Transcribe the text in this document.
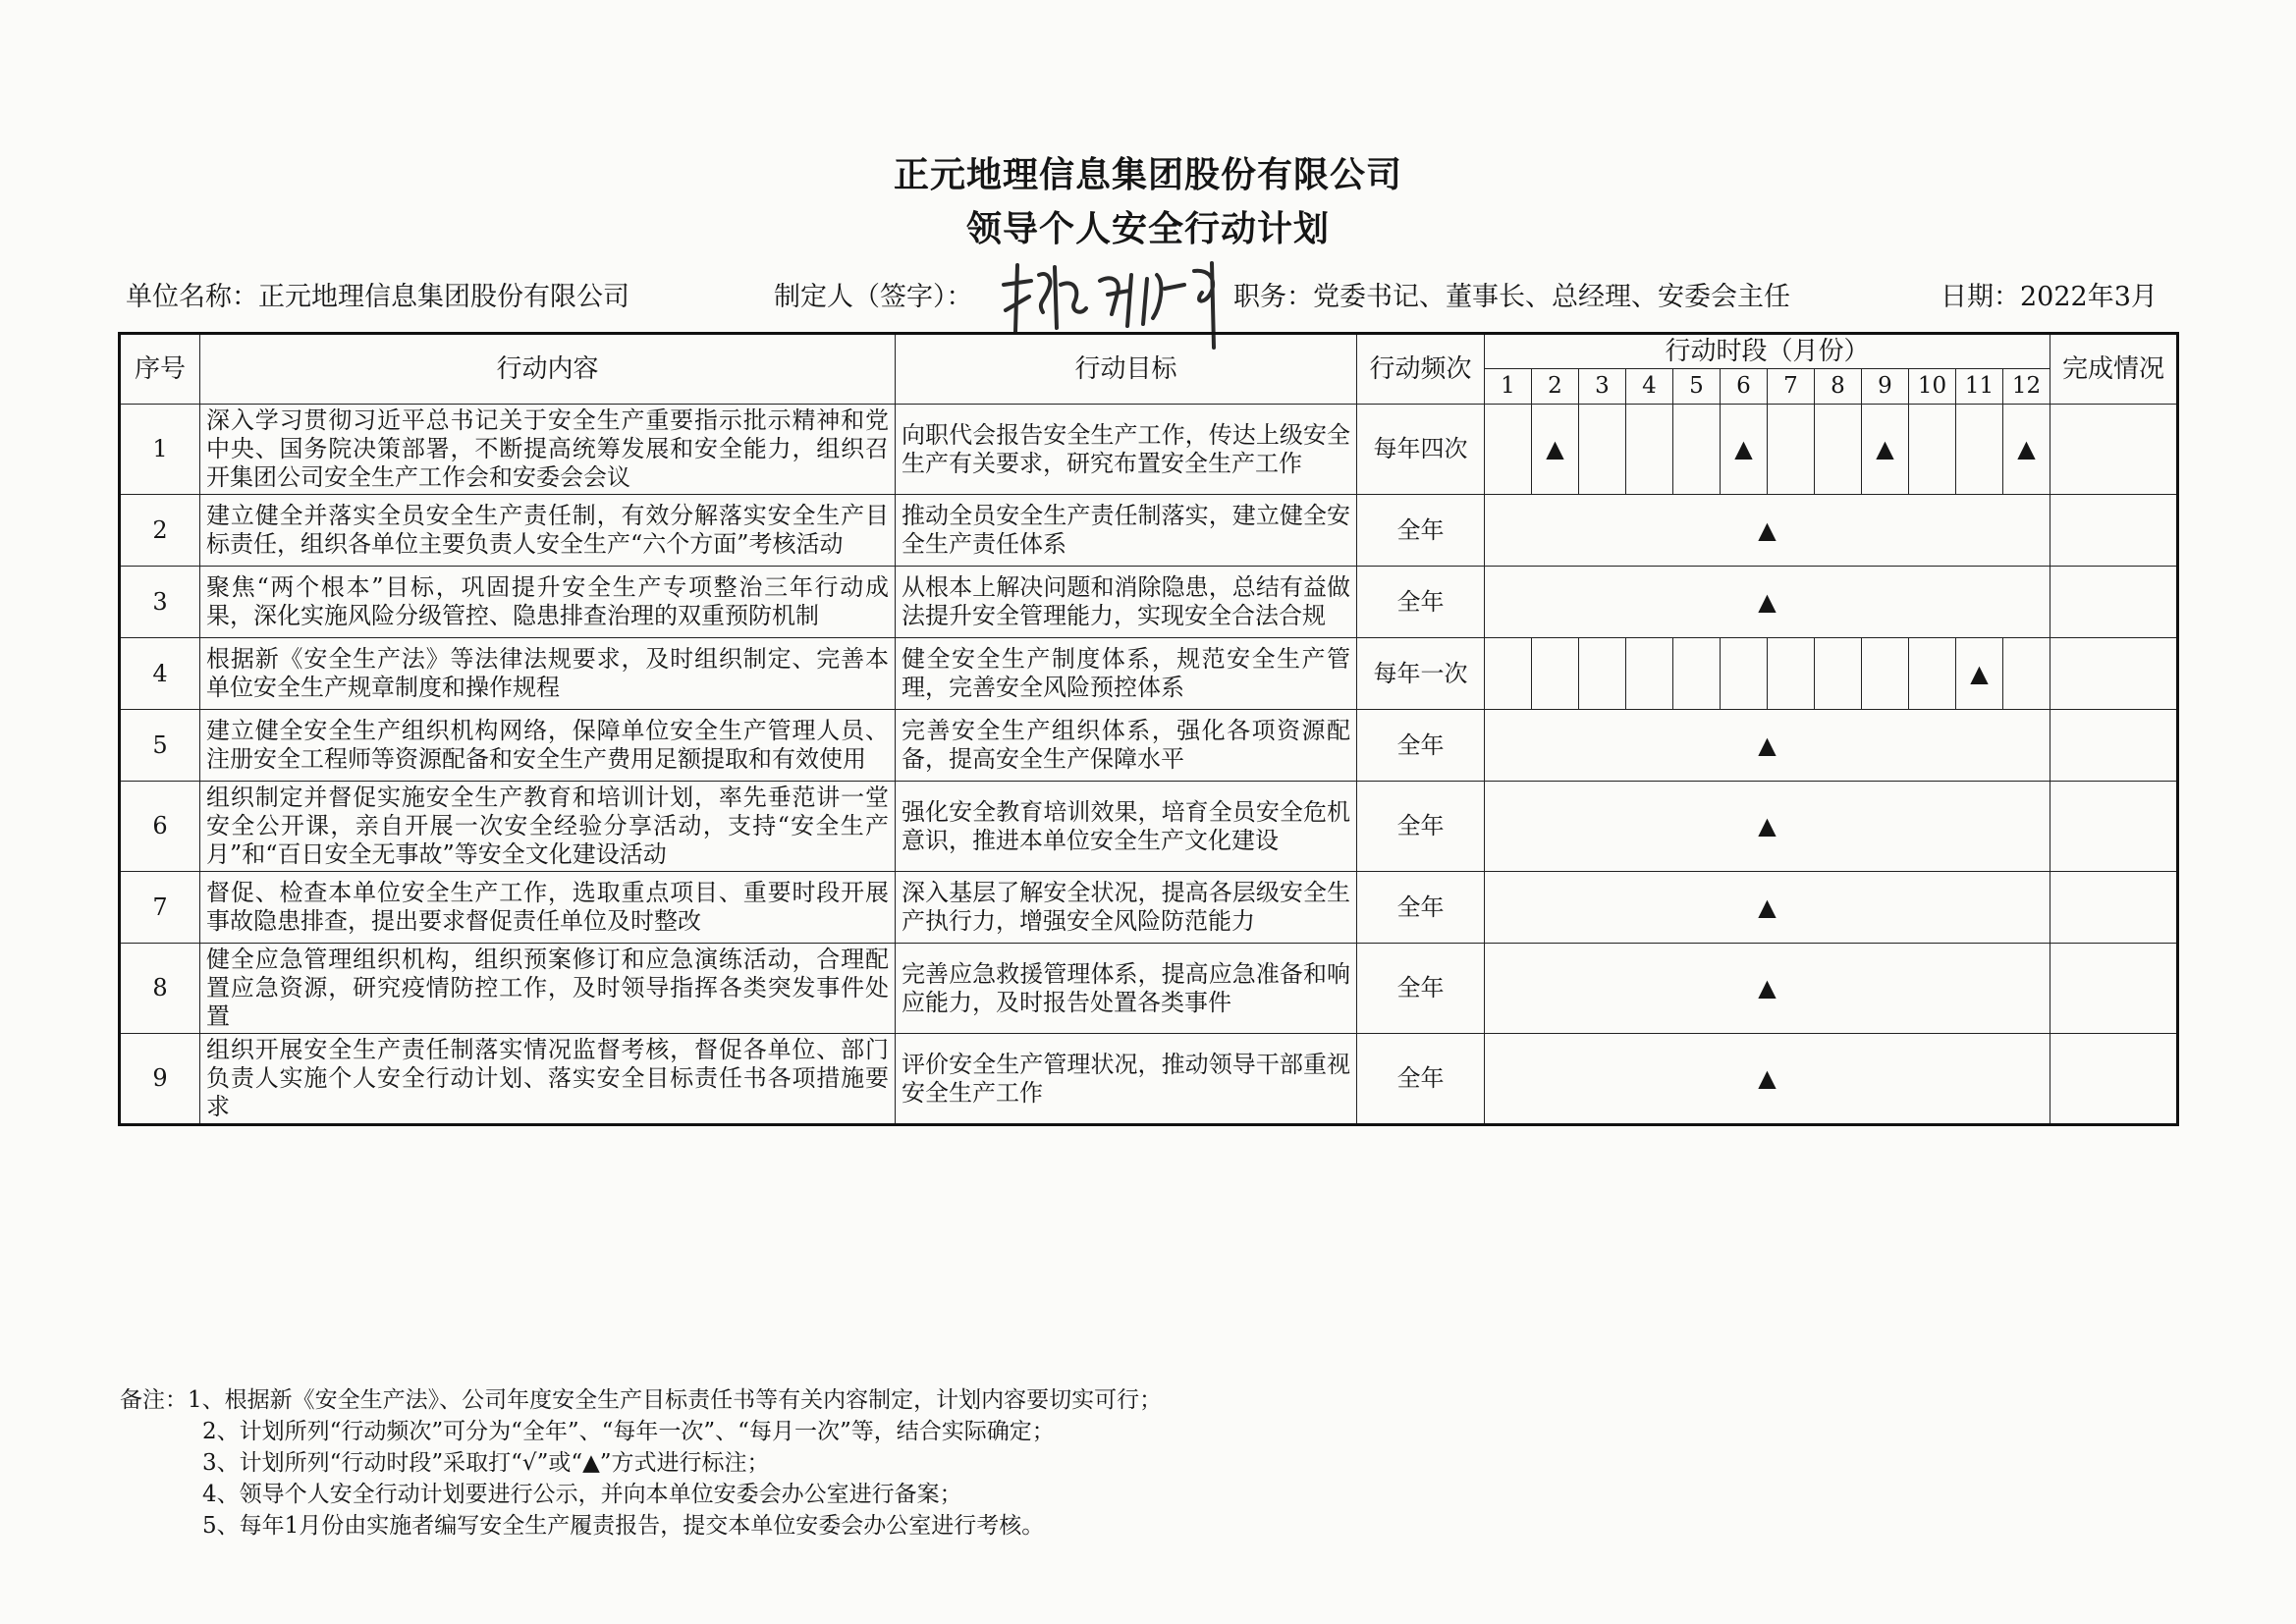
正元地理信息集团股份有限公司
领导个人安全行动计划
单位名称：正元地理信息集团股份有限公司	制定人（签字）：	职务：党委书记、董事长、总经理、安委会主任	日期：2022年3月
序号	行动内容	行动目标	行动频次	行动时段（月份）												完成情况
				1	2	3	4	5	6	7	8	9	10	11	12	
1	深入学习贯彻习近平总书记关于安全生产重要指示批示精神和党中央、国务院决策部署，不断提高统筹发展和安全能力，组织召开集团公司安全生产工作会和安委会会议	向职代会报告安全生产工作，传达上级安全生产有关要求，研究布置安全生产工作	每年四次		▲				▲			▲			▲	
2	建立健全并落实全员安全生产责任制，有效分解落实安全生产目标责任，组织各单位主要负责人安全生产“六个方面”考核活动	推动全员安全生产责任制落实，建立健全安全生产责任体系	全年	▲												
3	聚焦“两个根本”目标，巩固提升安全生产专项整治三年行动成果，深化实施风险分级管控、隐患排查治理的双重预防机制	从根本上解决问题和消除隐患，总结有益做法提升安全管理能力，实现安全合法合规	全年	▲												
4	根据新《安全生产法》等法律法规要求，及时组织制定、完善本单位安全生产规章制度和操作规程	健全安全生产制度体系，规范安全生产管理，完善安全风险预控体系	每年一次											▲		
5	建立健全安全生产组织机构网络，保障单位安全生产管理人员、注册安全工程师等资源配备和安全生产费用足额提取和有效使用	完善安全生产组织体系，强化各项资源配备，提高安全生产保障水平	全年	▲												
6	组织制定并督促实施安全生产教育和培训计划，率先垂范讲一堂安全公开课，亲自开展一次安全经验分享活动，支持“安全生产月”和“百日安全无事故”等安全文化建设活动	强化安全教育培训效果，培育全员安全危机意识，推进本单位安全生产文化建设	全年	▲												
7	督促、检查本单位安全生产工作，选取重点项目、重要时段开展事故隐患排查，提出要求督促责任单位及时整改	深入基层了解安全状况，提高各层级安全生产执行力，增强安全风险防范能力	全年	▲												
8	健全应急管理组织机构，组织预案修订和应急演练活动，合理配置应急资源，研究疫情防控工作，及时领导指挥各类突发事件处置	完善应急救援管理体系，提高应急准备和响应能力，及时报告处置各类事件	全年	▲												
9	组织开展安全生产责任制落实情况监督考核，督促各单位、部门负责人实施个人安全行动计划、落实安全目标责任书各项措施要求	评价安全生产管理状况，推动领导干部重视安全生产工作	全年	▲												
备注：1、根据新《安全生产法》、公司年度安全生产目标责任书等有关内容制定，计划内容要切实可行；
2、计划所列“行动频次”可分为“全年”、“每年一次”、“每月一次”等，结合实际确定；
3、计划所列“行动时段”采取打“√”或“▲”方式进行标注；
4、领导个人安全行动计划要进行公示，并向本单位安委会办公室进行备案；
5、每年1月份由实施者编写安全生产履责报告，提交本单位安委会办公室进行考核。
